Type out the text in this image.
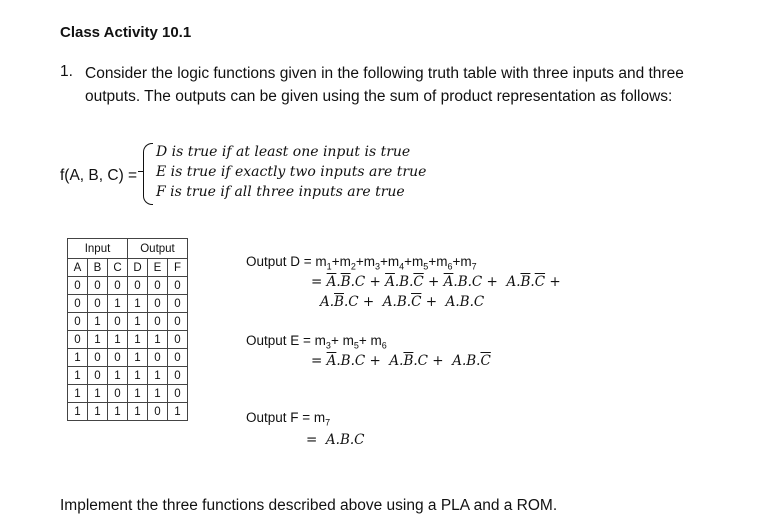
Class Activity 10.1
1. Consider the logic functions given in the following truth table with three inputs and three outputs. The outputs can be given using the sum of product representation as follows:
f(A, B, C) =
D is true if at least one input is true
E is true if exactly two inputs are true
F is true if all three inputs are true
Input			Output		
A	B	C	D	E	F
0	0	0	0	0	0
0	0	1	1	0	0
0	1	0	1	0	0
0	1	1	1	1	0
1	0	0	1	0	0
1	0	1	1	1	0
1	1	0	1	1	0
1	1	1	1	0	1
Output $D = m_1+m_2+m_3+m_4+m_5+m_6+m_7$
= $\overline{A}.\overline{B}.C + \overline{A}.B.\overline{C} + \overline{A}.B.C + A.\overline{B}.\overline{C}$ +
$A.\overline{B}.C + A.B.\overline{C} + A.B.C$
Output $E = m_3+ m_5+ m_6$
= $\overline{A}.B.C + A.\overline{B}.C + A.B.\overline{C}$
Output $F = m_7$
=  A.B.C
Implement the three functions described above using a PLA and a ROM.
